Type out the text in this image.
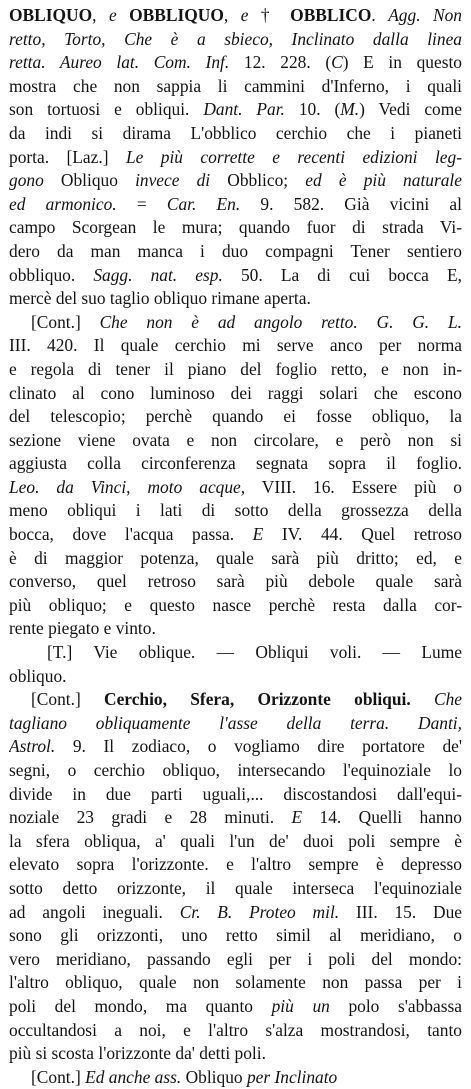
OBLIQUO, e OBBLIQUO, e † OBBLICO. Agg. Non
retto, Torto, Che è a sbieco, Inclinato dalla linea
retta. Aureo lat. Com. Inf. 12. 228. (C) E in questo
mostra che non sappia li cammini d'Inferno, i quali
son tortuosi e obliqui. Dant. Par. 10. (M.) Vedi come
da indi si dirama L'obblico cerchio che i pianeti
porta. [Laz.] Le più corrette e recenti edizioni leg-
gono Obliquo invece di Obblico; ed è più naturale
ed armonico. = Car. En. 9. 582. Già vicini al
campo Scorgean le mura; quando fuor di strada Vi-
dero da man manca i duo compagni Tener sentiero
obbliquo. Sagg. nat. esp. 50. La di cui bocca E,
mercè del suo taglio obliquo rimane aperta.
[Cont.] Che non è ad angolo retto. G. G. L.
III. 420. Il quale cerchio mi serve anco per norma
e regola di tener il piano del foglio retto, e non in-
clinato al cono luminoso dei raggi solari che escono
del telescopio; perchè quando ei fosse obliquo, la
sezione viene ovata e non circolare, e però non si
aggiusta colla circonferenza segnata sopra il foglio.
Leo. da Vinci, moto acque, VIII. 16. Essere più o
meno obliqui i lati di sotto della grossezza della
bocca, dove l'acqua passa. E IV. 44. Quel retroso
è di maggior potenza, quale sarà più dritto; ed, e
converso, quel retroso sarà più debole quale sarà
più obliquo; e questo nasce perchè resta dalla cor-
rente piegato e vinto.
[T.] Vie oblique. — Obliqui voli. — Lume
obliquo.
[Cont.] Cerchio, Sfera, Orizzonte obliqui. Che
tagliano obliquamente l'asse della terra. Danti,
Astrol. 9. Il zodiaco, o vogliamo dire portatore de'
segni, o cerchio obliquo, intersecando l'equinoziale lo
divide in due parti uguali,... discostandosi dall'equi-
noziale 23 gradi e 28 minuti. E 14. Quelli hanno
la sfera obliqua, a' quali l'un de' duoi poli sempre è
elevato sopra l'orizzonte. e l'altro sempre è depresso
sotto detto orizzonte, il quale interseca l'equinoziale
ad angoli ineguali. Cr. B. Proteo mil. III. 15. Due
sono gli orizzonti, uno retto simil al meridiano, o
vero meridiano, passando egli per i poli del mondo:
l'altro obliquo, quale non solamente non passa per i
poli del mondo, ma quanto più un polo s'abbassa
occultandosi a noi, e l'altro s'alza mostrandosi, tanto
più si scosta l'orizzonte da' detti poli.
[Cont.] Ed anche ass. Obliquo per Inclinato
